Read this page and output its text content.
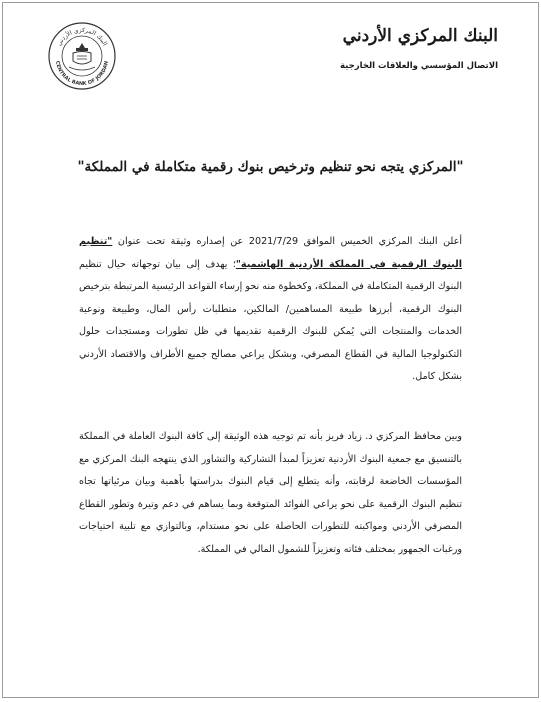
البنك المركزي الأردني
CENTRAL BANK OF JORDAN
البنك المركزي الأردني
الاتصال المؤسسي والعلاقات الخارجية
"المركزي يتجه نحو تنظيم وترخيص بنوك رقمية متكاملة في المملكة"
أعلن البنك المركزي الخميس الموافق 2021/7/29 عن إصداره وثيقة تحت عنوان "تنظيم البنوك الرقمية في المملكة الأردنية الهاشمية"؛ يهدف إلى بيان توجهاته حيال تنظيم البنوك الرقمية المتكاملة في المملكة، وكخطوة منه نحو إرساء القواعد الرئيسية المرتبطة بترخيص البنوك الرقمية، أبرزها طبيعة المساهمين/ المالكين، متطلبات رأس المال، وطبيعة ونوعية الخدمات والمنتجات التي يُمكن للبنوك الرقمية تقديمها في ظل تطورات ومستجدات حلول التكنولوجيا المالية في القطاع المصرفي، وبشكل يراعي مصالح جميع الأطراف والاقتصاد الأردني بشكل كامل.
وبين محافظ المركزي د. زياد فريز بأنه تم توجيه هذه الوثيقة إلى كافة البنوك العاملة في المملكة بالتنسيق مع جمعية البنوك الأردنية تعزيزاً لمبدأ التشاركية والتشاور الذي ينتهجه البنك المركزي مع المؤسسات الخاضعة لرقابته، وأنه يتطلع إلى قيام البنوك بدراستها بأهمية وبيان مرئياتها تجاه تنظيم البنوك الرقمية على نحو يراعي الفوائد المتوقعة وبما يساهم في دعم وتيرة وتطور القطاع المصرفي الأردني ومواكبته للتطورات الحاصلة على نحو مستدام، وبالتوازي مع تلبية احتياجات ورغبات الجمهور بمختلف فئاته وتعزيزاً للشمول المالي في المملكة.
